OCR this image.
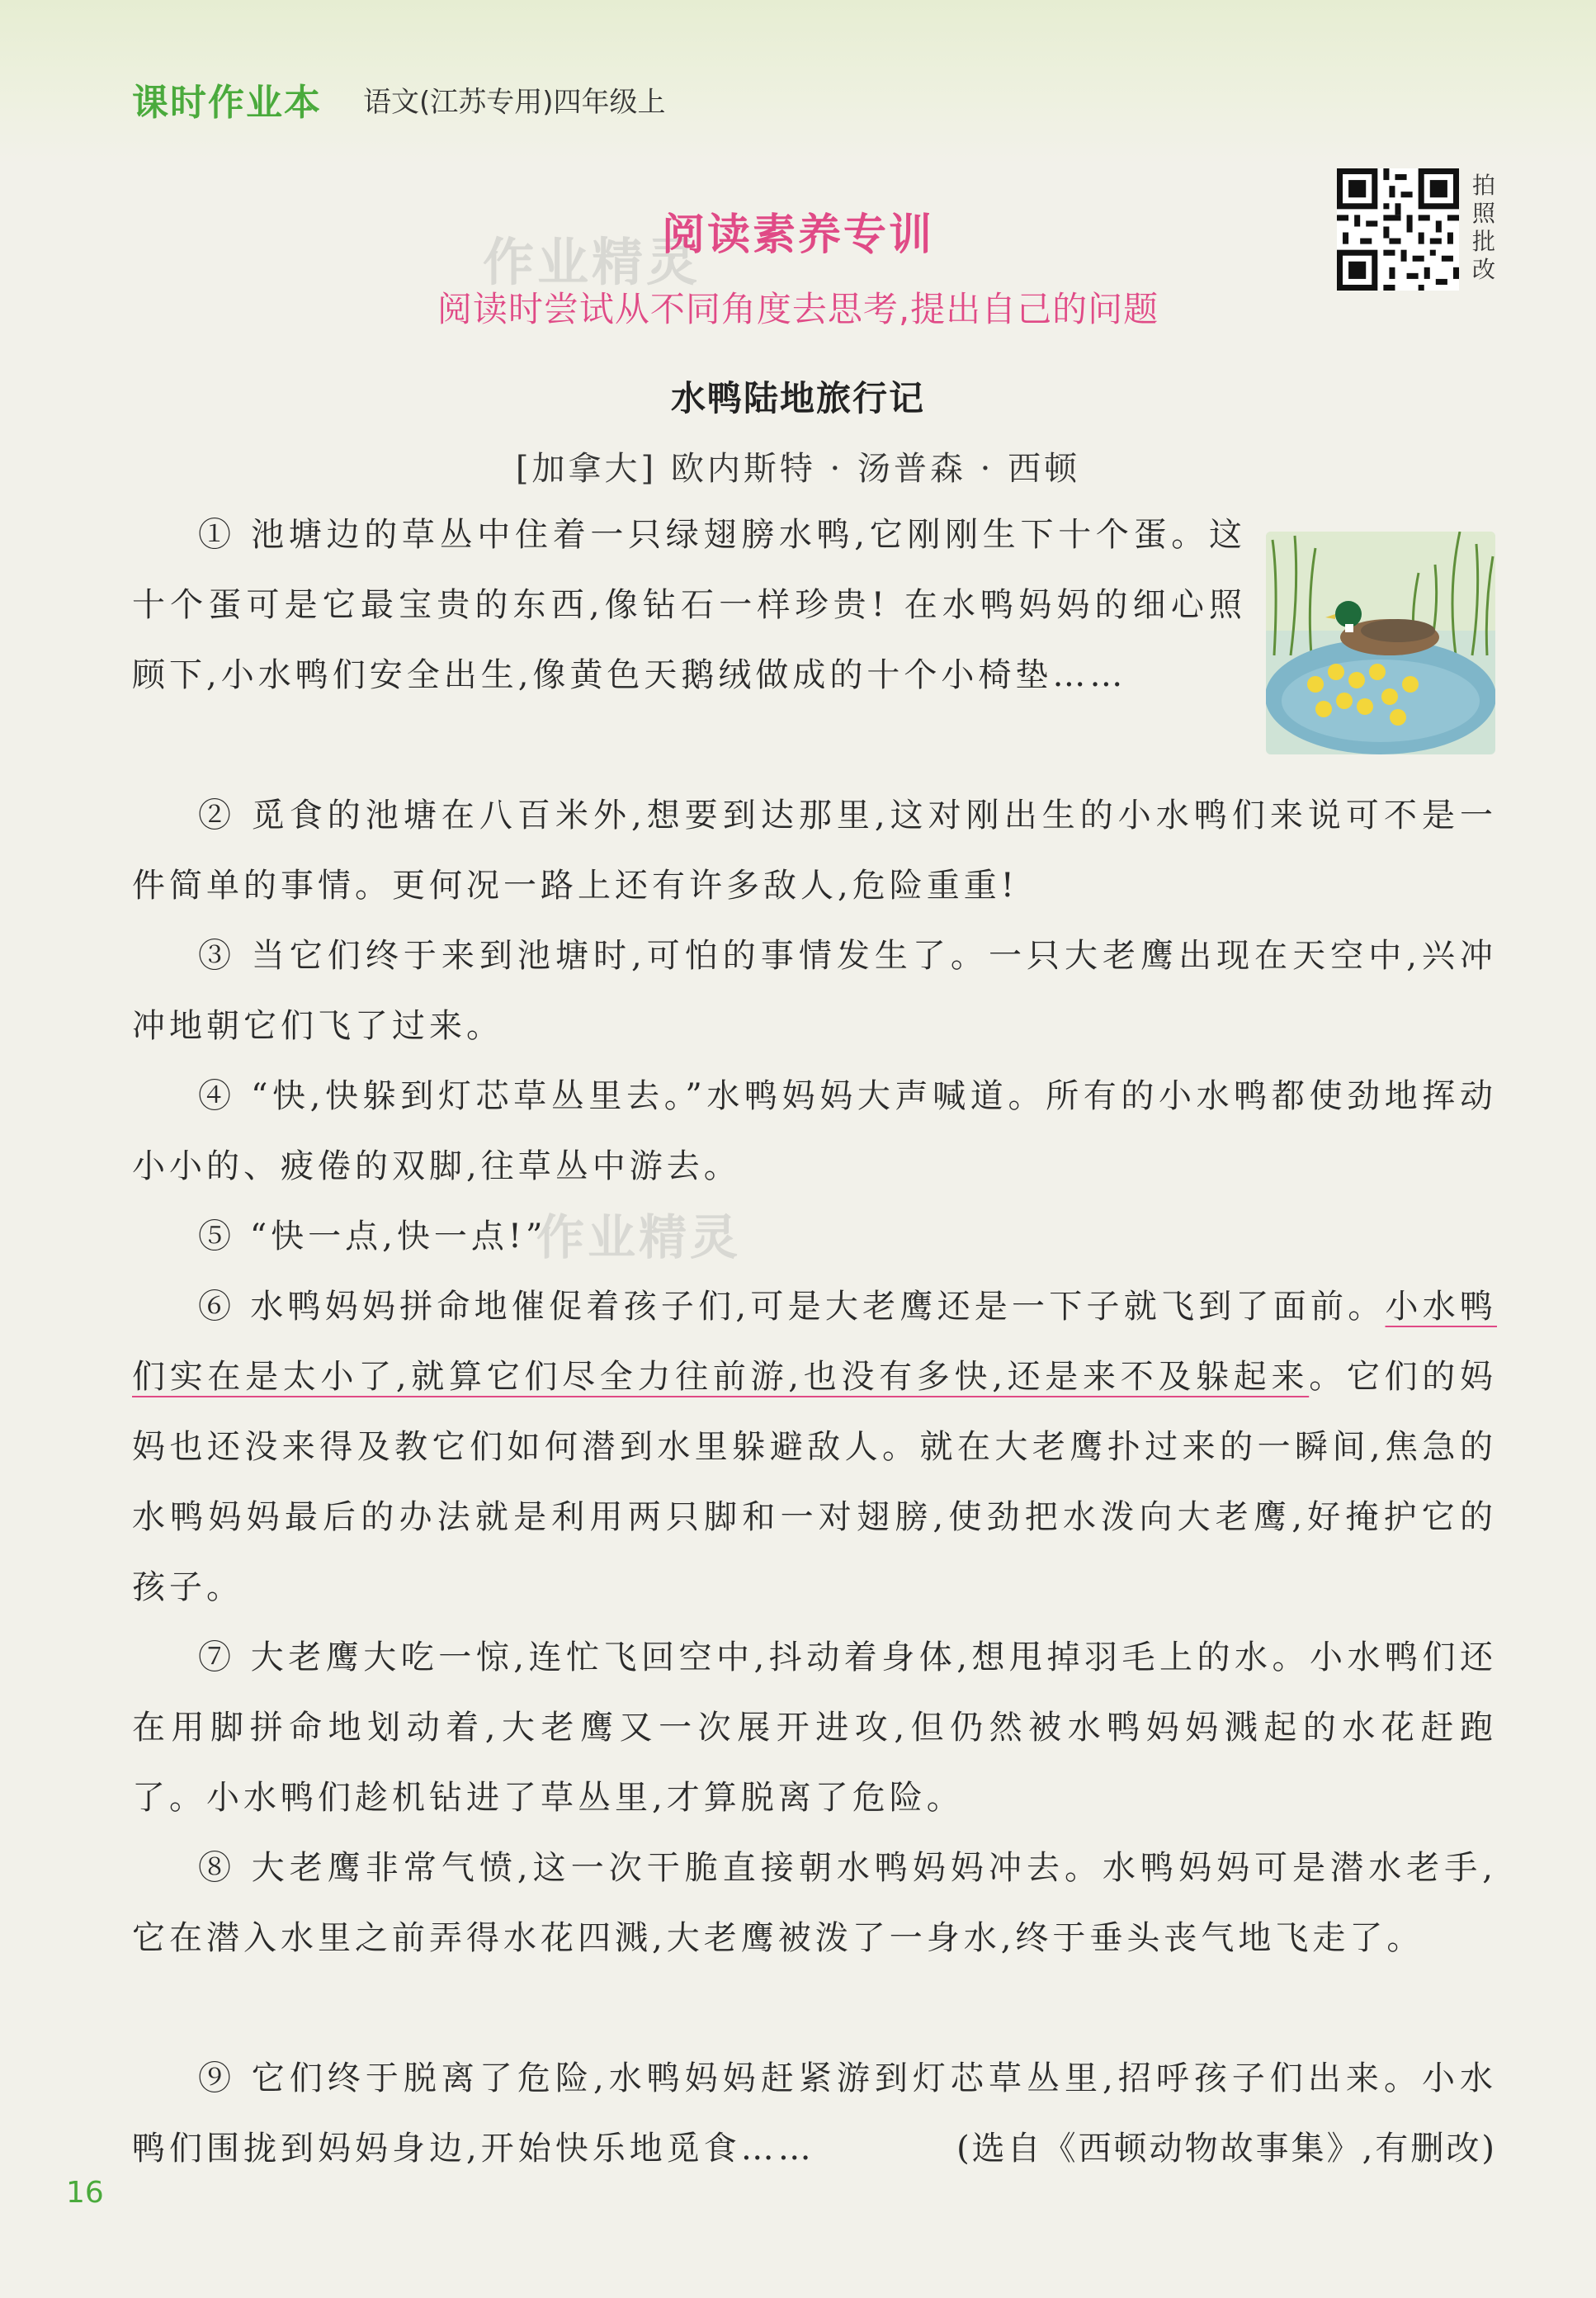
课时作业本 语文(江苏专用)四年级上
拍照批改
作业精灵
作业精灵
阅读素养专训
阅读时尝试从不同角度去思考,提出自己的问题
水鸭陆地旅行记
[加拿大] 欧内斯特 · 汤普森 · 西顿
① 池塘边的草丛中住着一只绿翅膀水鸭,它刚刚生下十个蛋。这十个蛋可是它最宝贵的东西,像钻石一样珍贵! 在水鸭妈妈的细心照顾下,小水鸭们安全出生,像黄色天鹅绒做成的十个小椅垫……
② 觅食的池塘在八百米外,想要到达那里,这对刚出生的小水鸭们来说可不是一件简单的事情。更何况一路上还有许多敌人,危险重重!
③ 当它们终于来到池塘时,可怕的事情发生了。一只大老鹰出现在天空中,兴冲冲地朝它们飞了过来。
④ “快,快躲到灯芯草丛里去。”水鸭妈妈大声喊道。所有的小水鸭都使劲地挥动小小的、疲倦的双脚,往草丛中游去。
⑤ “快一点,快一点!”
⑥ 水鸭妈妈拼命地催促着孩子们,可是大老鹰还是一下子就飞到了面前。小水鸭们实在是太小了,就算它们尽全力往前游,也没有多快,还是来不及躲起来。它们的妈妈也还没来得及教它们如何潜到水里躲避敌人。就在大老鹰扑过来的一瞬间,焦急的水鸭妈妈最后的办法就是利用两只脚和一对翅膀,使劲把水泼向大老鹰,好掩护它的孩子。
⑦ 大老鹰大吃一惊,连忙飞回空中,抖动着身体,想甩掉羽毛上的水。小水鸭们还在用脚拼命地划动着,大老鹰又一次展开进攻,但仍然被水鸭妈妈溅起的水花赶跑了。小水鸭们趁机钻进了草丛里,才算脱离了危险。
⑧ 大老鹰非常气愤,这一次干脆直接朝水鸭妈妈冲去。水鸭妈妈可是潜水老手,它在潜入水里之前弄得水花四溅,大老鹰被泼了一身水,终于垂头丧气地飞走了。
⑨ 它们终于脱离了危险,水鸭妈妈赶紧游到灯芯草丛里,招呼孩子们出来。小水鸭们围拢到妈妈身边,开始快乐地觅食……	(选自《西顿动物故事集》,有删改)
16
